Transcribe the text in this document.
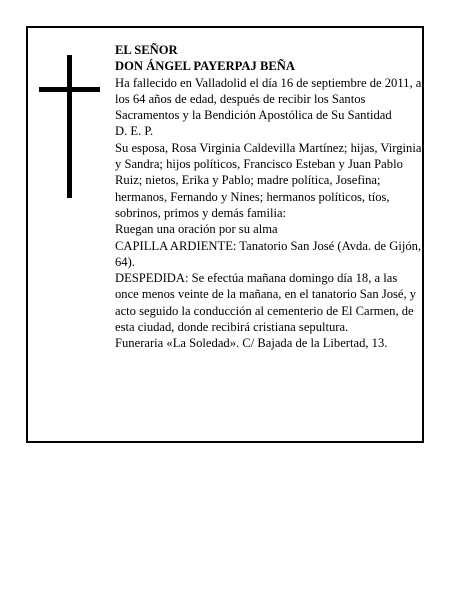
EL SEÑOR

DON ÁNGEL PAYERPAJ BEÑA

Ha fallecido en Valladolid el día 16 de septiembre de 2011, a los 64 años de edad, después de recibir los Santos Sacramentos y la Bendición Apostólica de Su Santidad

D. E. P.

Su esposa, Rosa Virginia Caldevilla Martínez; hijas, Virginia y Sandra; hijos políticos, Francisco Esteban y Juan Pablo Ruiz; nietos, Erika y Pablo; madre política, Josefina; hermanos, Fernando y Nines; hermanos políticos, tíos, sobrinos, primos y demás familia:

Ruegan una oración por su alma

CAPILLA ARDIENTE: Tanatorio San José (Avda. de Gijón, 64).

DESPEDIDA: Se efectúa mañana domingo día 18, a las once menos veinte de la mañana, en el tanatorio San José, y acto seguido la conducción al cementerio de El Carmen, de esta ciudad, donde recibirá cristiana sepultura.

Funeraria «La Soledad». C/ Bajada de la Libertad, 13.
